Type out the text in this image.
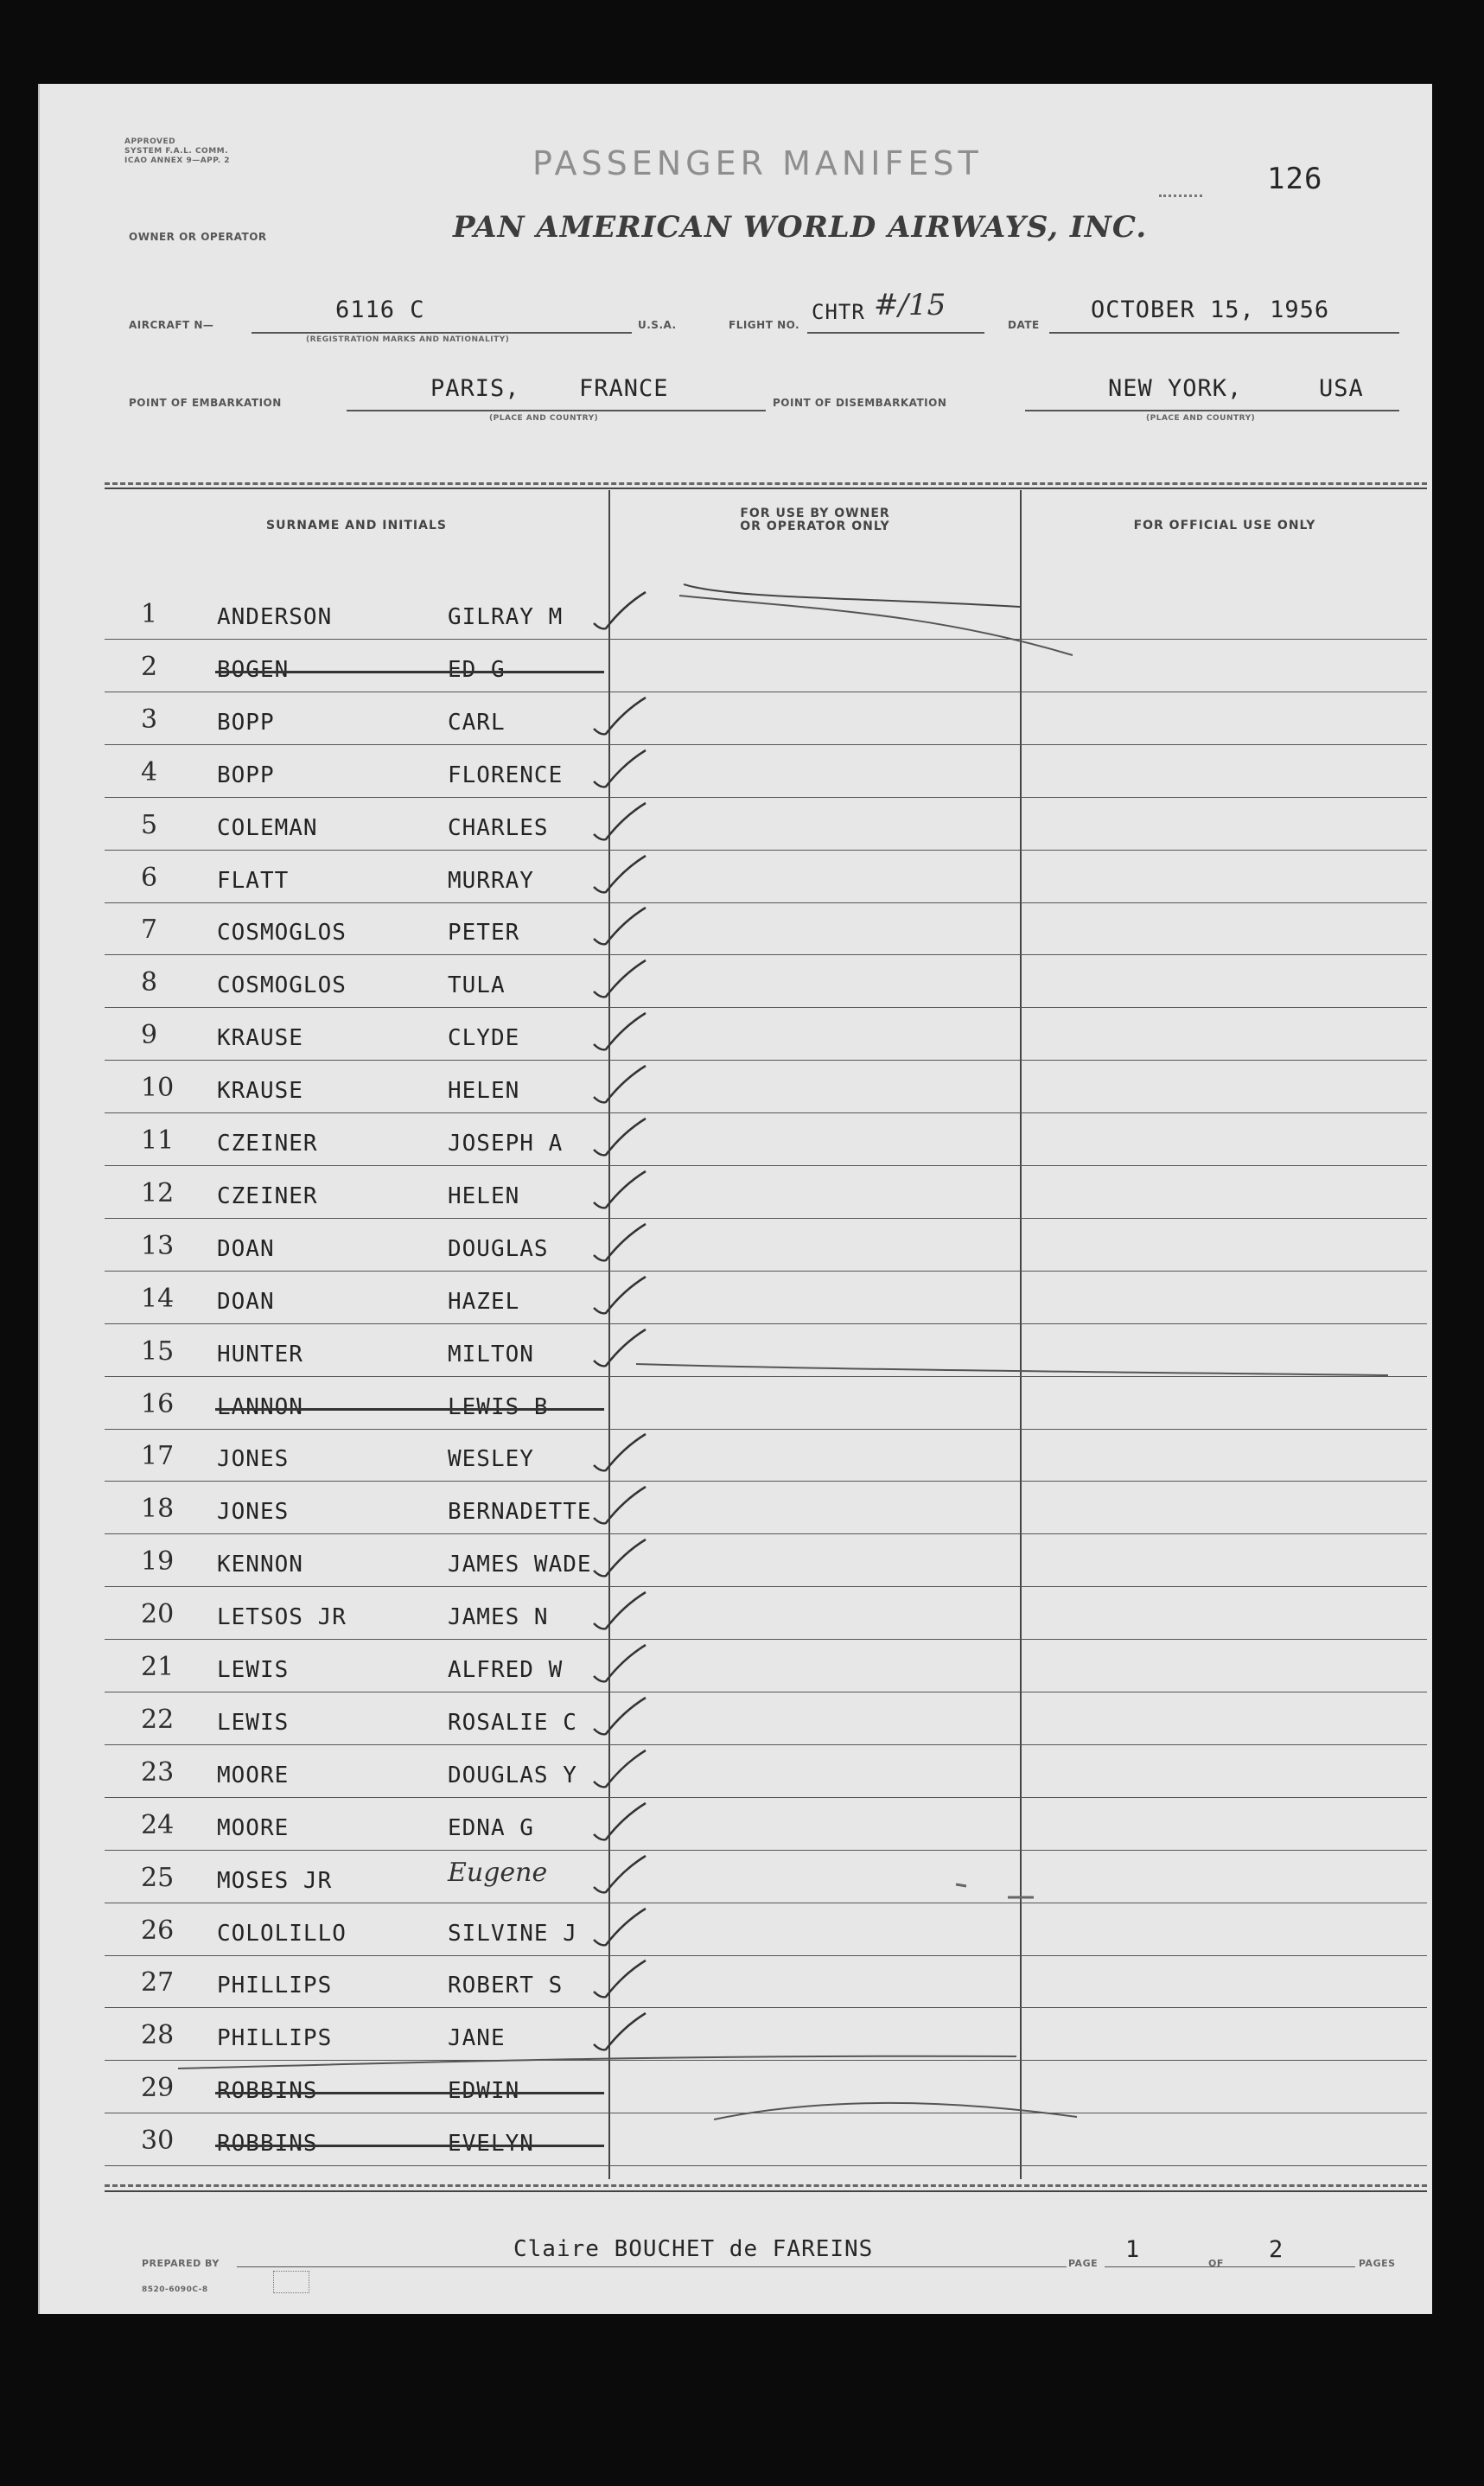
APPROVED
SYSTEM F.A.L. COMM.
ICAO ANNEX 9—APP. 2	PASSENGER MANIFEST	126
OWNER OR OPERATOR	PAN AMERICAN WORLD AIRWAYS, INC.
AIRCRAFT N—
6116 C
(REGISTRATION MARKS AND NATIONALITY)
U.S.A.	FLIGHT NO.
CHTR #/15
DATE
OCTOBER 15, 1956
POINT OF EMBARKATION
PARIS,	FRANCE
(PLACE AND COUNTRY)
POINT OF DISEMBARKATION
NEW YORK,	USA
(PLACE AND COUNTRY)
SURNAME AND INITIALS
FOR USE BY OWNER
OR OPERATOR ONLY	FOR OFFICIAL USE ONLY
1	ANDERSON	GILRAY M
2	BOGEN	ED G
3	BOPP	CARL
4	BOPP	FLORENCE
5	COLEMAN	CHARLES
6	FLATT	MURRAY
7	COSMOGLOS	PETER
8	COSMOGLOS	TULA
9	KRAUSE	CLYDE
10 KRAUSE	HELEN
11 CZEINER	JOSEPH A
12 CZEINER	HELEN
13 DOAN	DOUGLAS
14 DOAN	HAZEL
15 HUNTER	MILTON
16 LANNON	LEWIS B
17 JONES	WESLEY
18 JONES	BERNADETTE
19 KENNON	JAMES WADE
20 LETSOS JR	JAMES N
21 LEWIS	ALFRED W
22 LEWIS	ROSALIE C
23 MOORE	DOUGLAS Y
24 MOORE	EDNA G
25 MOSES JR	Eugene
26 COLOLILLO	SILVINE J
27 PHILLIPS	ROBERT S
28 PHILLIPS	JANE
29 ROBBINS	EDWIN
30 ROBBINS	EVELYN
PREPARED BY
Claire BOUCHET de FAREINS
PAGE
1
OF
2
PAGES
8520-6090C-8
